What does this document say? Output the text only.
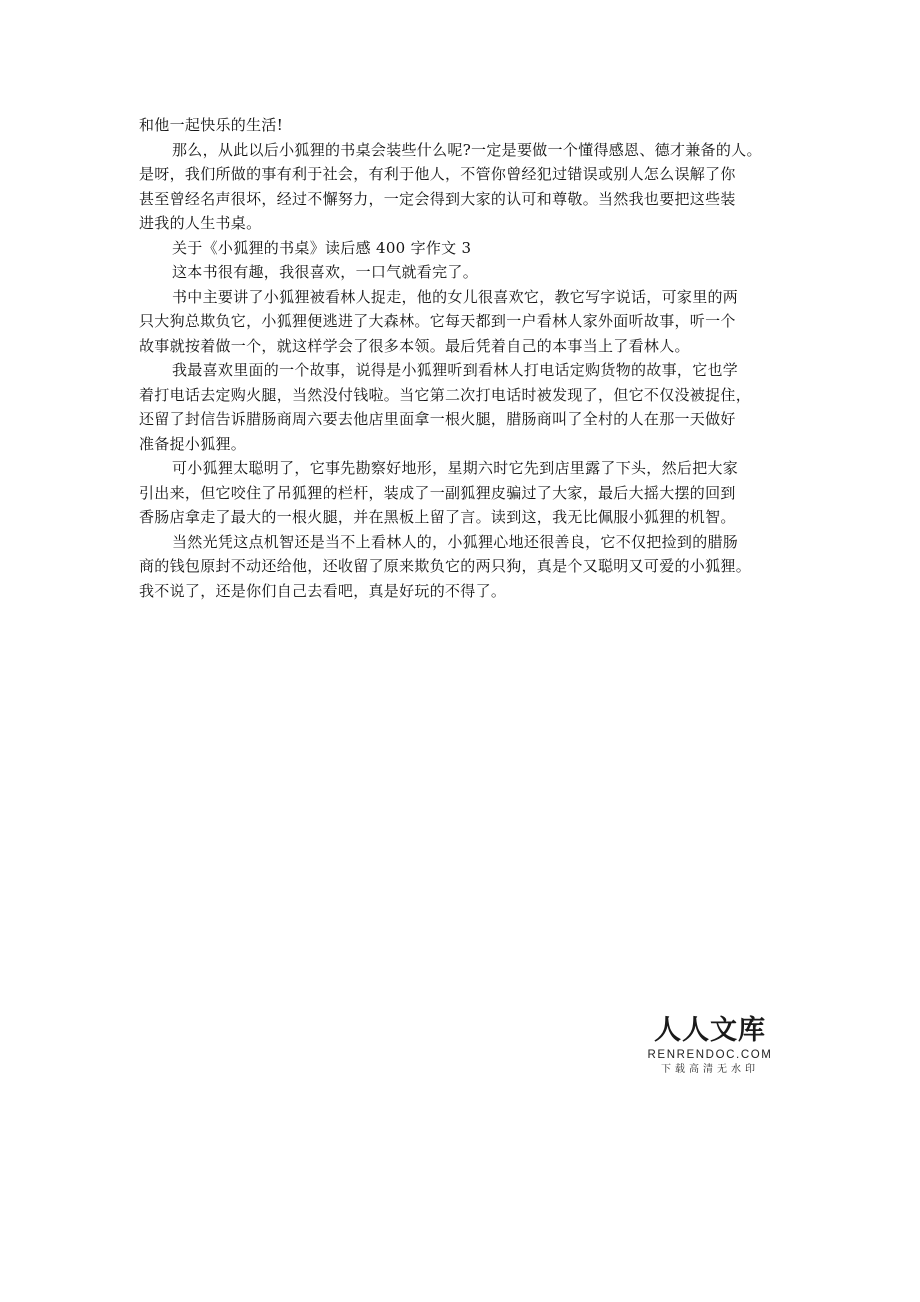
和他一起快乐的生活!
那么，从此以后小狐狸的书桌会装些什么呢?一定是要做一个懂得感恩、德才兼备的人。
是呀，我们所做的事有利于社会，有利于他人，不管你曾经犯过错误或别人怎么误解了你
甚至曾经名声很坏，经过不懈努力，一定会得到大家的认可和尊敬。当然我也要把这些装
进我的人生书桌。
关于《小狐狸的书桌》读后感 400 字作文 3
这本书很有趣，我很喜欢，一口气就看完了。
书中主要讲了小狐狸被看林人捉走，他的女儿很喜欢它，教它写字说话，可家里的两
只大狗总欺负它，小狐狸便逃进了大森林。它每天都到一户看林人家外面听故事，听一个
故事就按着做一个，就这样学会了很多本领。最后凭着自己的本事当上了看林人。
我最喜欢里面的一个故事，说得是小狐狸听到看林人打电话定购货物的故事，它也学
着打电话去定购火腿，当然没付钱啦。当它第二次打电话时被发现了，但它不仅没被捉住，
还留了封信告诉腊肠商周六要去他店里面拿一根火腿，腊肠商叫了全村的人在那一天做好
准备捉小狐狸。
可小狐狸太聪明了，它事先勘察好地形，星期六时它先到店里露了下头，然后把大家
引出来，但它咬住了吊狐狸的栏杆，装成了一副狐狸皮骗过了大家，最后大摇大摆的回到
香肠店拿走了最大的一根火腿，并在黑板上留了言。读到这，我无比佩服小狐狸的机智。
当然光凭这点机智还是当不上看林人的，小狐狸心地还很善良，它不仅把捡到的腊肠
商的钱包原封不动还给他，还收留了原来欺负它的两只狗，真是个又聪明又可爱的小狐狸。
我不说了，还是你们自己去看吧，真是好玩的不得了。
人人文库
RENRENDOC.COM
下载高清无水印
